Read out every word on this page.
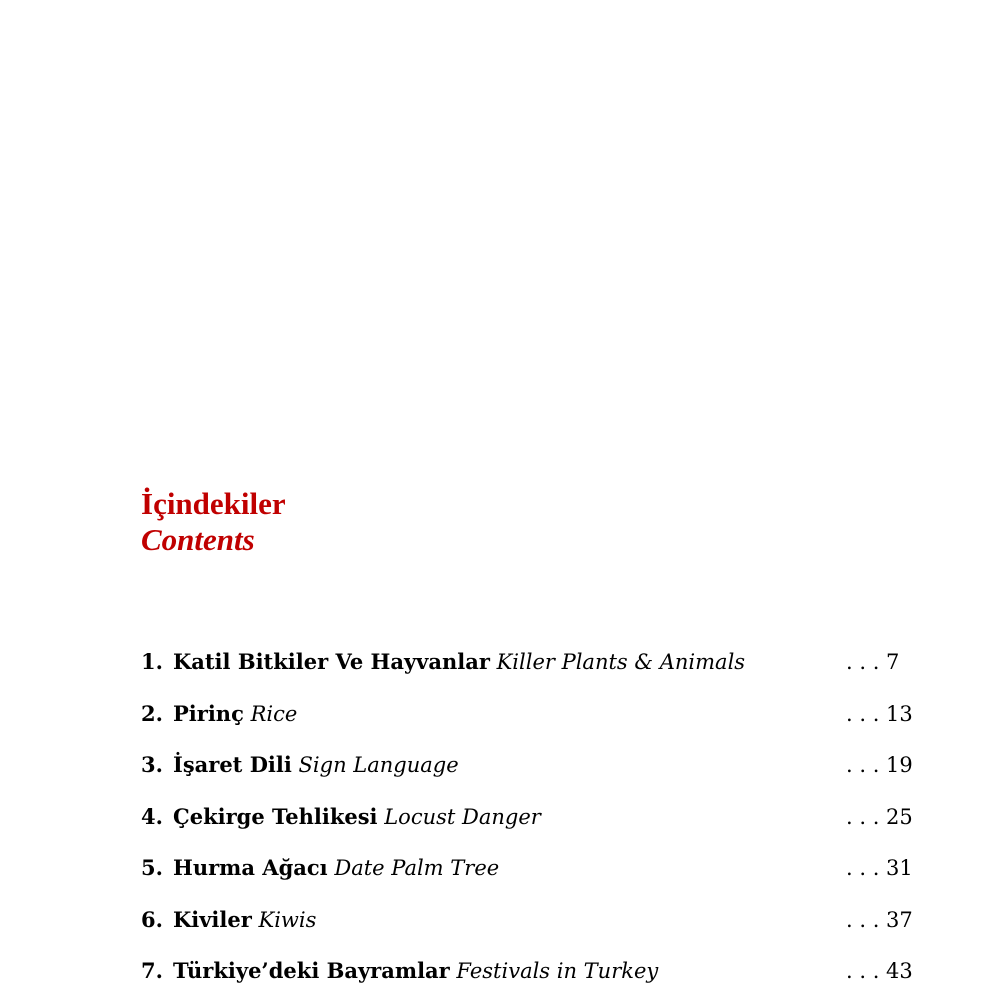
İçindekiler
Contents
1. Katil Bitkiler Ve Hayvanlar Killer Plants & Animals	. . . 7
2. Pirinç Rice	. . . 13
3. İşaret Dili Sign Language	. . . 19
4. Çekirge Tehlikesi Locust Danger	. . . 25
5. Hurma Ağacı Date Palm Tree	. . . 31
6. Kiviler Kiwis	. . . 37
7. Türkiye’deki Bayramlar Festivals in Turkey	. . . 43
